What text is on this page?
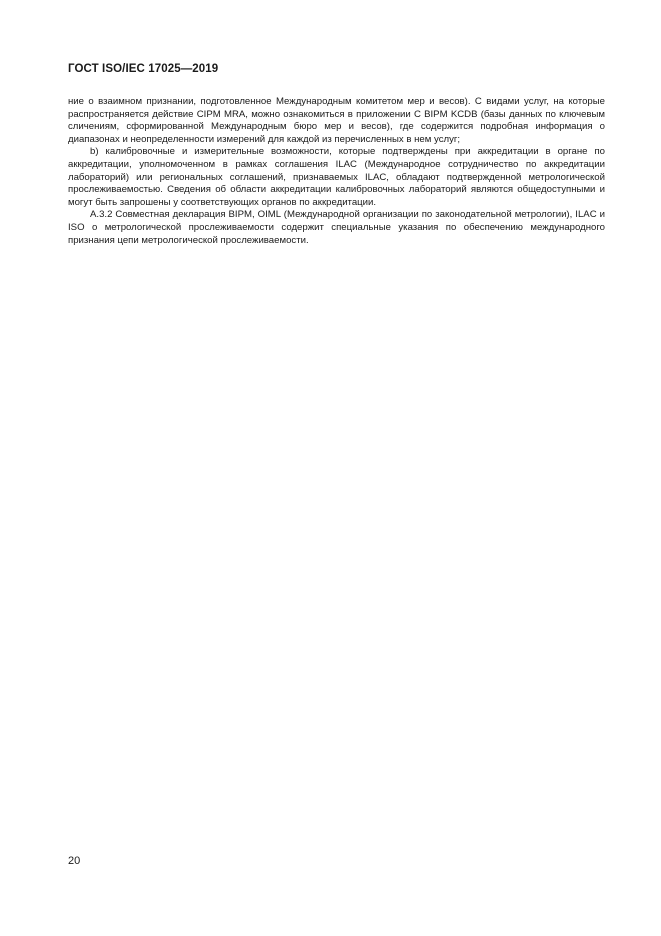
ГОСТ ISO/IEC 17025—2019

ние о взаимном признании, подготовленное Международным комитетом мер и весов). С видами услуг, на которые распространяется действие CIPM MRA, можно ознакомиться в приложении С BIPM KCDB (базы данных по ключевым сличениям, сформированной Международным бюро мер и весов), где содержится подробная информация о диапазонах и неопределенности измерений для каждой из перечисленных в нем услуг;

b) калибровочные и измерительные возможности, которые подтверждены при аккредитации в органе по аккредитации, уполномоченном в рамках соглашения ILAC (Международное сотрудничество по аккредитации лабораторий) или региональных соглашений, признаваемых ILAC, обладают подтвержденной метрологической прослеживаемостью. Сведения об области аккредитации калибровочных лабораторий являются общедоступными и могут быть запрошены у соответствующих органов по аккредитации.

А.3.2 Совместная декларация BIPM, OIML (Международной организации по законодательной метрологии), ILAC и ISO о метрологической прослеживаемости содержит специальные указания по обеспечению международного признания цепи метрологической прослеживаемости.

20
